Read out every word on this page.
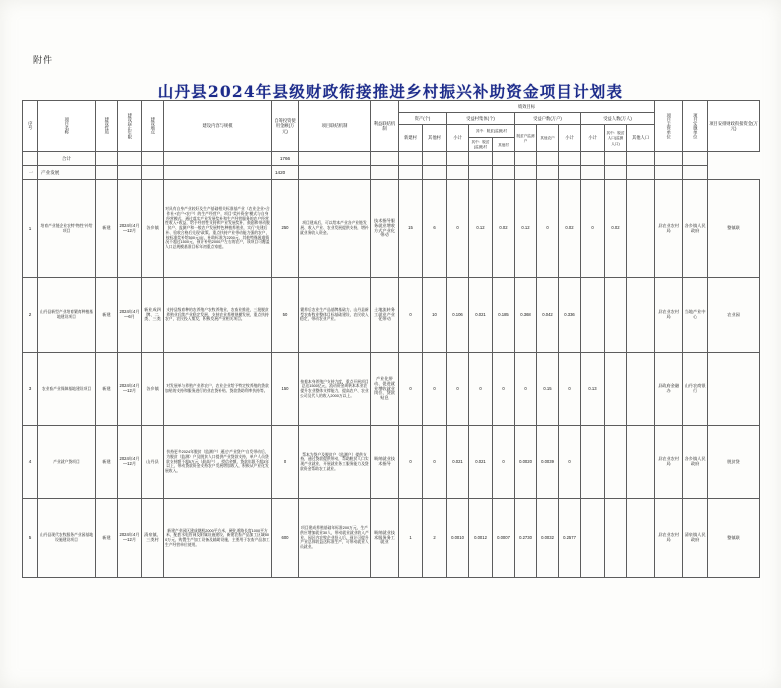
附件
山丹县2024年县级财政衔接推进乡村振兴补助资金项目计划表
序号	项目名称	建设性质	建设起止年限	建设地点	建设内容与规模	自筹投资使用金额(万元)	项目联结机制	利益联结机制	绩效目标											项目主管单位	项目实施单位	项目安排财政衔接资金(万元)
									资产(个)		受益村集体(个)			受益户数(万户)			受益人数(万人)					
									新建村	其他村	小计	其中：脱贫(监测)村		脱贫户监测户	其他农户	小计	小计	其中：脱贫人口(监测人口)	其他人口			
												其中：脱贫(监测)村	其他村									
	合计					1766																
一	产业发展					1420																
1	培育产业链企业农特“物性”补给项目	新建	2024年4月—12月	各乡镇	对具有自身产业较好及生产基础相关标准基产业（农业企业+合作社+农户+农户）的生产经营户，项目“奖补资金”模式与自身经营模式，通过落实产业发展奖补和生产经营服务的农户经营性收入+收益，给予经营性支持和产业发展奖补，鼓励和带动脱贫户、监测户和一般农户发展特色种植养殖业，实行“先建后补、验收合格后兑现”政策。重点扶持产业带动能力强的农户，按标准奖补给500元/亩，补助标准为2200元，其他特殊困难情况不超过1500元，预计补贴2000户左右的农户，该项目可覆盖人口总规模基准目标年初重点家庭。	250	项目建成后，可以给本产业各产业链发展、收入产业、农业发展提供支持，增补就业务收入资金。	技术指导服务就业增收方式产业化带动	15	6	0	0.12	0.02	0.12	0	0.02	0	0.02		县农业农村局	各乡镇人民政府	整镇联
2	山丹县新型产业培育繁育种植基地建设项目	新建	2024年4月—6月	新业成四牌、二类、三类	支持县级育种的农养殖户农牧养殖业，农畜业推进，三批脱贫养殖业后续产业稳定发展，支持农业养殖规模发展，重点扶持农户，农民投入集发，积极发展产业相关项目。	50	繁养后农业生产品基牌基础力，山丹县新型农畜牧业整体目标基础建设，农民收入稳定，带动农业产业。	土地流转务工就业产业化带动	0	10	0.106	0.021	0.185	0.368	0.042	0.336				县农业农村局	当地产业中心	农业园
3	农业畜产业保障基地建设项目	新建	2024年4月—12月	各乡镇	对发展单与养殖产业养农户，农业企业给予特定牧养殖的贷款加贴的支持和服务进行的业农贷补贴、贷款贷助利率扶持等。	150	按着本身养殖户支持力度，重点开展项目总达1500亿元，流动资金周转本本业农提升农业整体支撑能力，提高农户、农业公司及代人的收入2000万以上。	产业化带动、促进就业增收就业岗位、贷款贴息	0	0	0	0	0	0	0.15	0	0.13			县政府金融办	山丹农商银行	
4	产业就户贷项目	新建	2024年4月—12月	山丹县	扶持更多2024年脱贫（监测户）通过“产业贷户”自发带动后，为脱贫（监测）户及脱贫人口提供产业贷款支持，单户人员贷款支持额不超5万元（最高户），授信金额，贷款年限不超3年以上，带动贷款资金支持农户发展增加收入，积极从产业化发展收入。	0	帮本为贷户及脱贫户（监测户）提供支持，通过贷款提供带动，帮助脱贫人口实现产业就业，开展就业务工服务能力及贷款资金帮助农工就业。	吸纳就业技术指导	0	0	0.021	0.021	0	0.0020	0.0039	0				县农业农村局	各乡镇人民政府	脱贫贷
5	山丹县现代农牧服务产业园基地设施建设项目	新建	2024年4月—12月	清泉镇、三类村	新建产业园区建成钢机2000平方米，硬化道路长度1000平方米，配套水电管网及附属设施建设，新建农畜产品加工区域500万元，购置生产加工设备及辅助设施，主要用于农畜产品加工生产经营单位使用。	600	项目建成养殖基础年标准200万元，生产供应增加就业30人，带动就业就业收入产业，园区内农牧企业投入后，预计可提升产业总体收益达标准生产，可带动就业人员就业。	吸纳就业技术服务务工就业	1	2	0.0010	0.0012	0.0007	0.2730	0.0032	0.2577				县农业农村局	清泉镇人民政府	整镇联
